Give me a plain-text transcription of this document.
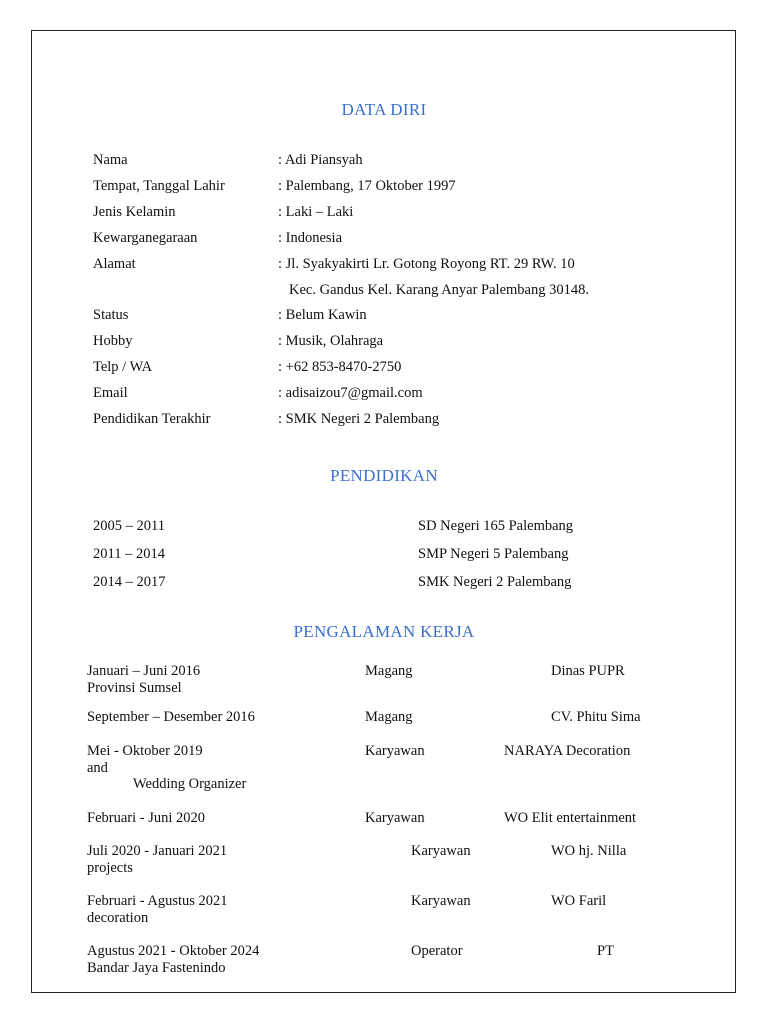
DATA DIRI
Nama	: Adi Piansyah
Tempat, Tanggal Lahir	: Palembang, 17 Oktober 1997
Jenis Kelamin	: Laki – Laki
Kewarganegaraan	: Indonesia
Alamat	: Jl. Syakyakirti Lr. Gotong Royong RT. 29 RW. 10
Kec. Gandus Kel. Karang Anyar Palembang 30148.
Status	: Belum Kawin
Hobby	: Musik, Olahraga
Telp / WA	: +62 853-8470-2750
Email	: adisaizou7@gmail.com
Pendidikan Terakhir	: SMK Negeri 2 Palembang
PENDIDIKAN
2005 – 2011	SD Negeri 165 Palembang
2011 – 2014	SMP Negeri 5 Palembang
2014 – 2017	SMK Negeri 2 Palembang
PENGALAMAN KERJA
Januari – Juni 2016	Magang	Dinas PUPR
Provinsi Sumsel
September – Desember 2016	Magang	CV. Phitu Sima
Mei - Oktober 2019	Karyawan	NARAYA Decoration
and
Wedding Organizer
Februari - Juni 2020	Karyawan	WO Elit entertainment
Juli 2020 - Januari 2021	Karyawan	WO hj. Nilla
projects
Februari - Agustus 2021	Karyawan	WO Faril
decoration
Agustus 2021 - Oktober 2024	Operator	PT
Bandar Jaya Fastenindo
